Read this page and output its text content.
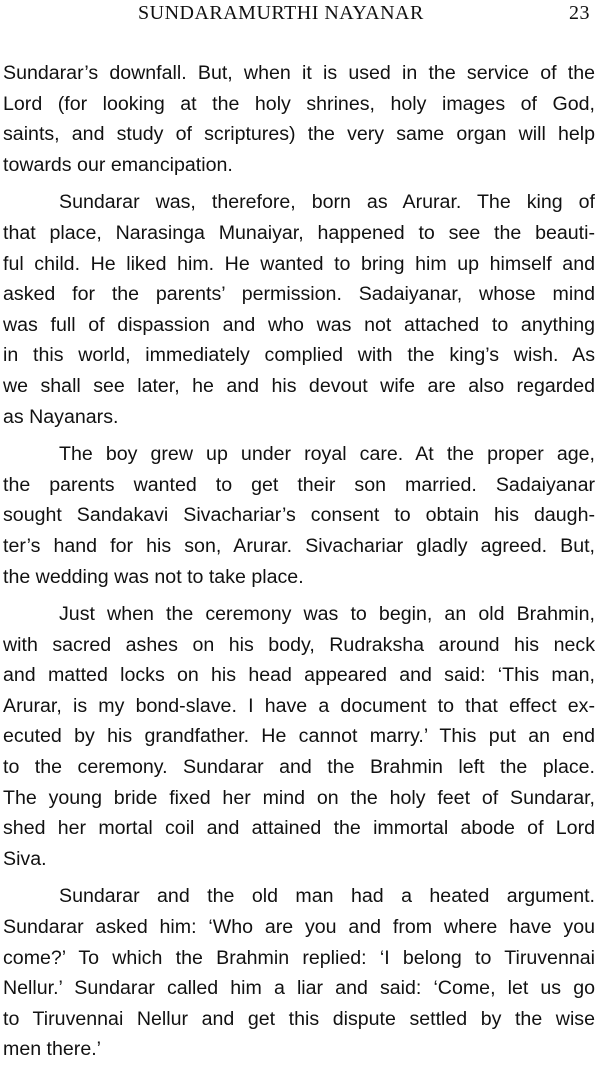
SUNDARAMURTHI NAYANAR	23
Sundarar’s downfall. But, when it is used in the service of the
Lord (for looking at the holy shrines, holy images of God,
saints, and study of scriptures) the very same organ will help
towards our emancipation.
Sundarar was, therefore, born as Arurar. The king of
that place, Narasinga Munaiyar, happened to see the beauti-
ful child. He liked him. He wanted to bring him up himself and
asked for the parents’ permission. Sadaiyanar, whose mind
was full of dispassion and who was not attached to anything
in this world, immediately complied with the king’s wish. As
we shall see later, he and his devout wife are also regarded
as Nayanars.
The boy grew up under royal care. At the proper age,
the parents wanted to get their son married. Sadaiyanar
sought Sandakavi Sivachariar’s consent to obtain his daugh-
ter’s hand for his son, Arurar. Sivachariar gladly agreed. But,
the wedding was not to take place.
Just when the ceremony was to begin, an old Brahmin,
with sacred ashes on his body, Rudraksha around his neck
and matted locks on his head appeared and said: ‘This man,
Arurar, is my bond-slave. I have a document to that effect ex-
ecuted by his grandfather. He cannot marry.’ This put an end
to the ceremony. Sundarar and the Brahmin left the place.
The young bride fixed her mind on the holy feet of Sundarar,
shed her mortal coil and attained the immortal abode of Lord
Siva.
Sundarar and the old man had a heated argument.
Sundarar asked him: ‘Who are you and from where have you
come?’ To which the Brahmin replied: ‘I belong to Tiruvennai
Nellur.’ Sundarar called him a liar and said: ‘Come, let us go
to Tiruvennai Nellur and get this dispute settled by the wise
men there.’
